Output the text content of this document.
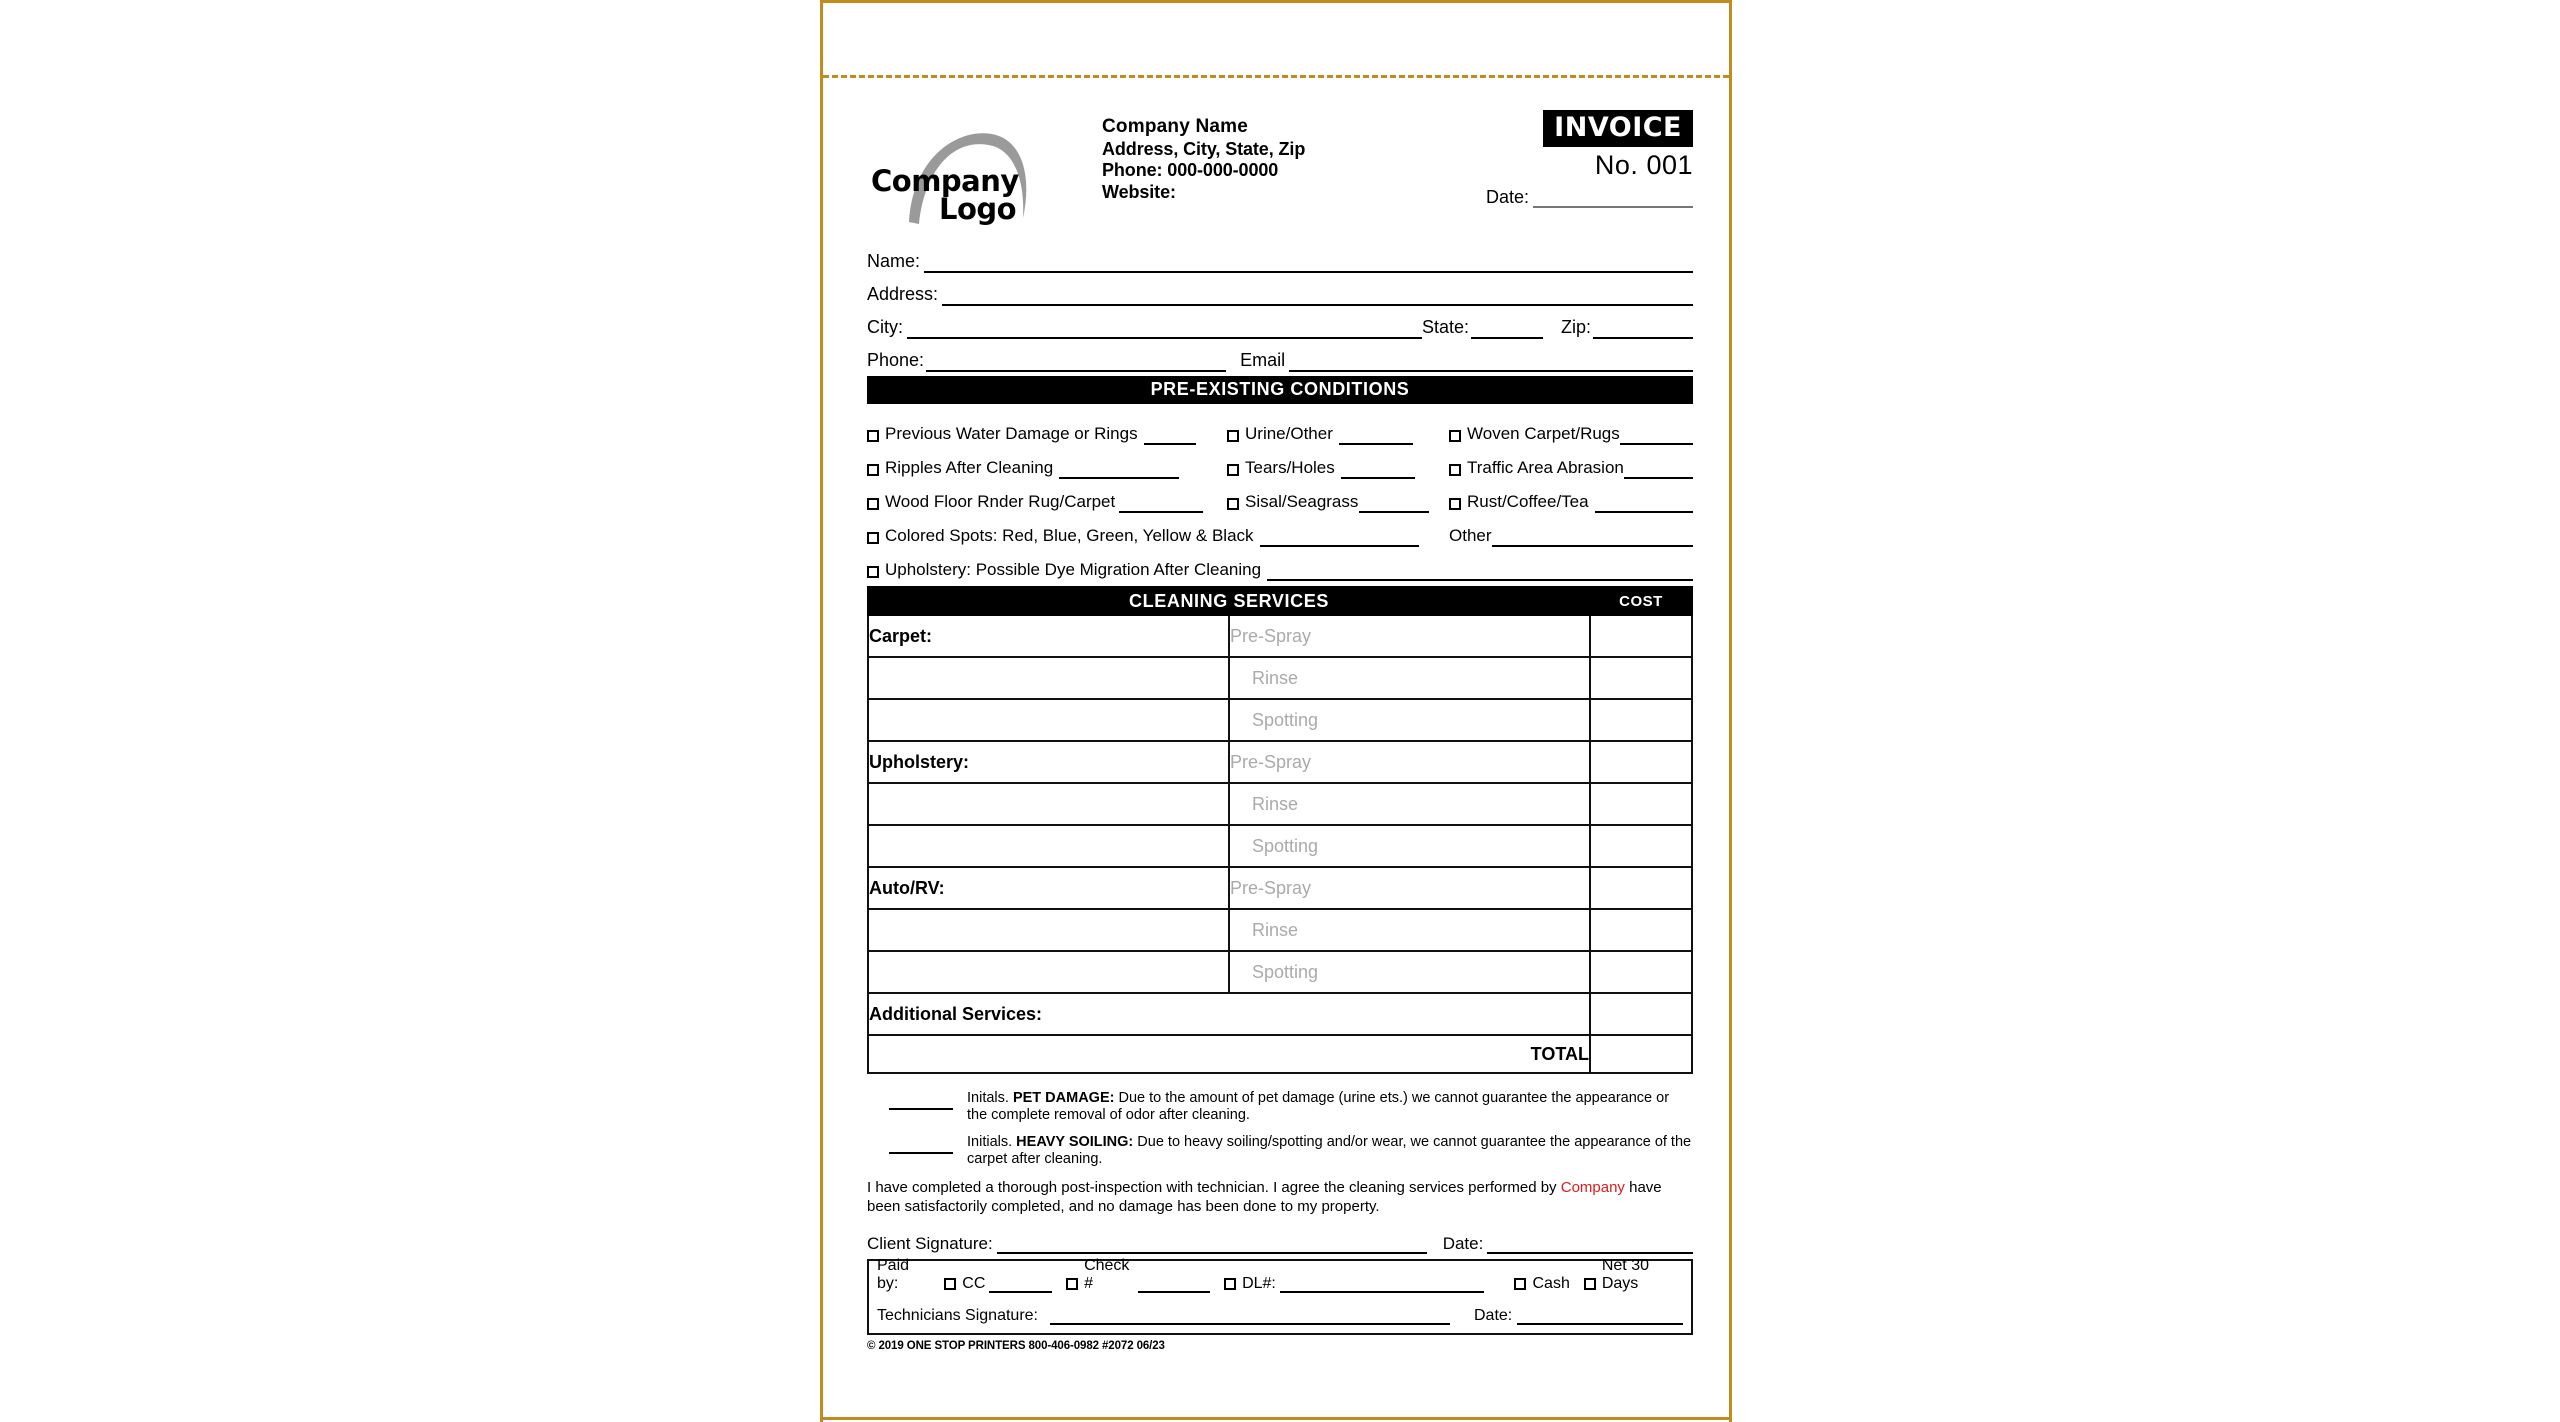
Company
Logo
Company Name
Address, City, State, Zip
Phone: 000-000-0000
Website:
INVOICE
No. 001
Date:
Name:
Address:
City:	State:	Zip:
Phone:	Email
PRE-EXISTING CONDITIONS
Previous Water Damage or Rings	Urine/Other	Woven Carpet/Rugs
Ripples After Cleaning	Tears/Holes	Traffic Area Abrasion
Wood Floor Rnder Rug/Carpet	Sisal/Seagrass	Rust/Coffee/Tea
Colored Spots: Red, Blue, Green, Yellow & Black	Other
Upholstery: Possible Dye Migration After Cleaning
CLEANING SERVICES		COST
Carpet:	Pre-Spray	
	Rinse	
	Spotting	
Upholstery:	Pre-Spray	
	Rinse	
	Spotting	
Auto/RV:	Pre-Spray	
	Rinse	
	Spotting	
Additional Services:		
TOTAL		
Initals. PET DAMAGE: Due to the amount of pet damage (urine ets.) we cannot guarantee the appearance or the complete removal of odor after cleaning.
Initials. HEAVY SOILING: Due to heavy soiling/spotting and/or wear, we cannot guarantee the appearance of the carpet after cleaning.
I have completed a thorough post-inspection with technician. I agree the cleaning services performed by Company have been satisfactorily completed, and no damage has been done to my property.
Client Signature:	Date:
Paid by:	CC
Check #	DL#:	Cash
Net 30 Days
Technicians Signature:	Date:
© 2019 ONE STOP PRINTERS 800-406-0982 #2072 06/23
